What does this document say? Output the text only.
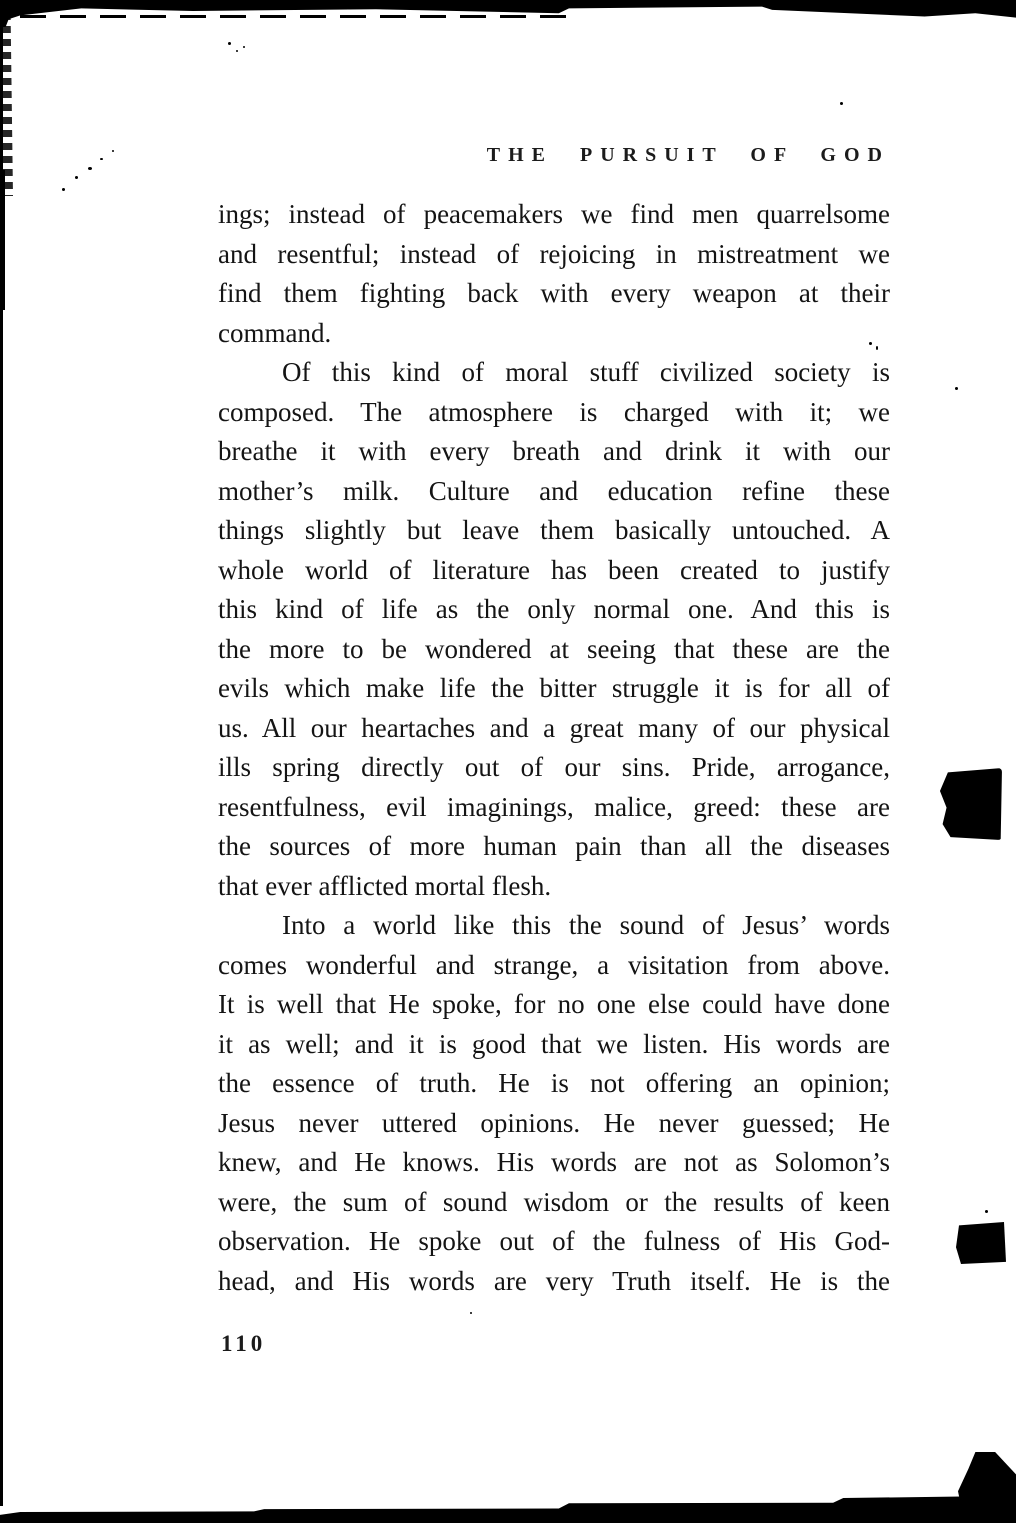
THE PURSUIT OF GOD
ings; instead of peacemakers we find men quarrelsome
and resentful; instead of rejoicing in mistreatment we
find them fighting back with every weapon at their
command.
Of this kind of moral stuff civilized society is
composed. The atmosphere is charged with it; we
breathe it with every breath and drink it with our
mother’s milk. Culture and education refine these
things slightly but leave them basically untouched. A
whole world of literature has been created to justify
this kind of life as the only normal one. And this is
the more to be wondered at seeing that these are the
evils which make life the bitter struggle it is for all of
us. All our heartaches and a great many of our physical
ills spring directly out of our sins. Pride, arrogance,
resentfulness, evil imaginings, malice, greed: these are
the sources of more human pain than all the diseases
that ever afflicted mortal flesh.
Into a world like this the sound of Jesus’ words
comes wonderful and strange, a visitation from above.
It is well that He spoke, for no one else could have done
it as well; and it is good that we listen. His words are
the essence of truth. He is not offering an opinion;
Jesus never uttered opinions. He never guessed; He
knew, and He knows. His words are not as Solomon’s
were, the sum of sound wisdom or the results of keen
observation. He spoke out of the fulness of His God-
head, and His words are very Truth itself. He is the
110
